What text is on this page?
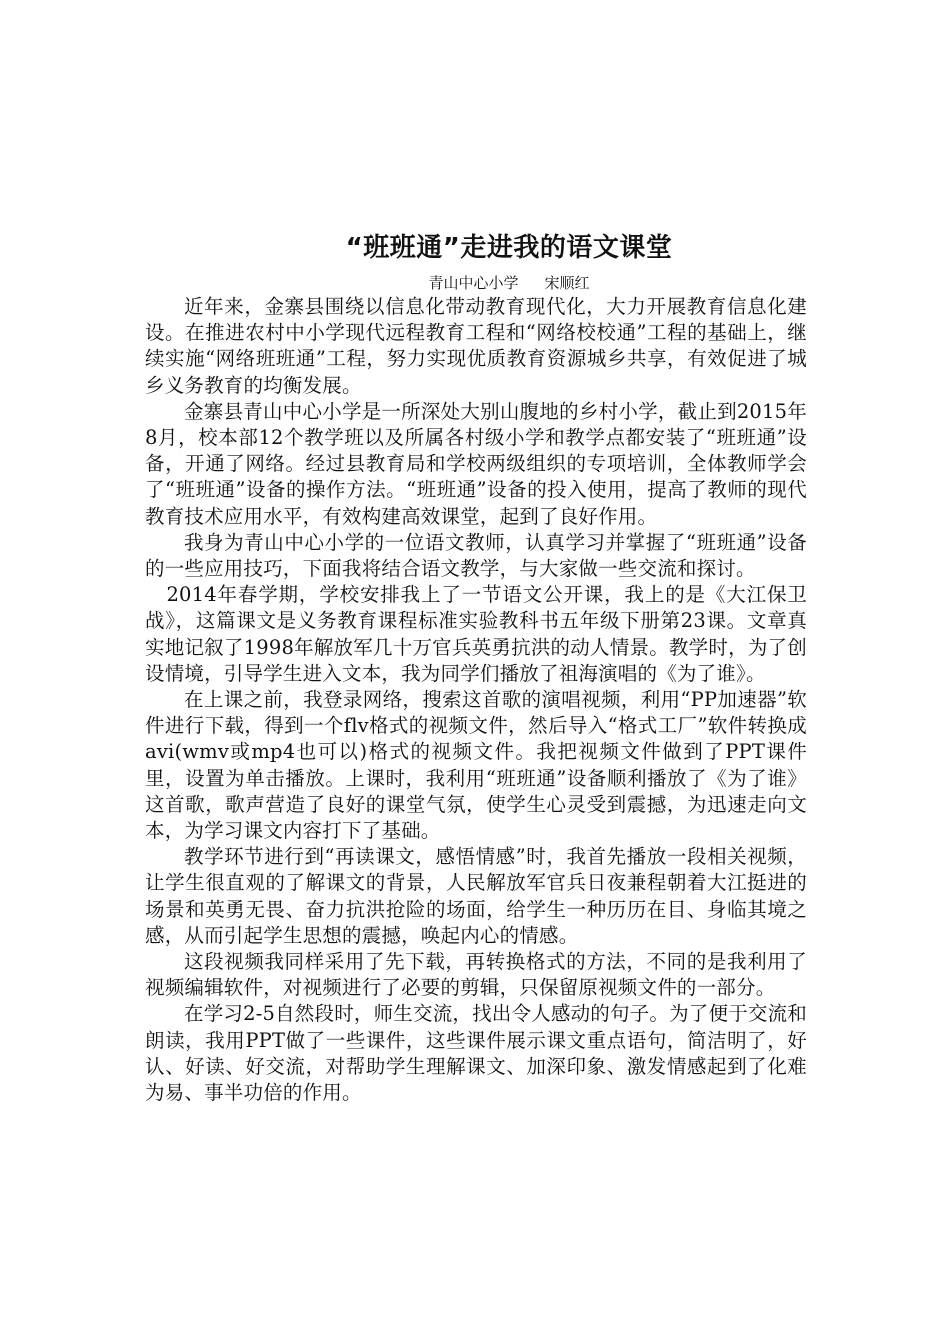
“班班通”走进我的语文课堂
青山中心小学 宋顺红

近年来，金寨县围绕以信息化带动教育现代化，大力开展教育信息化建设。在推进农村中小学现代远程教育工程和“网络校校通”工程的基础上，继续实施“网络班班通”工程，努力实现优质教育资源城乡共享，有效促进了城乡义务教育的均衡发展。

金寨县青山中心小学是一所深处大别山腹地的乡村小学，截止到2015年8月，校本部12个教学班以及所属各村级小学和教学点都安装了“班班通”设备，开通了网络。经过县教育局和学校两级组织的专项培训，全体教师学会了“班班通”设备的操作方法。“班班通”设备的投入使用，提高了教师的现代教育技术应用水平，有效构建高效课堂，起到了良好作用。

我身为青山中心小学的一位语文教师，认真学习并掌握了“班班通”设备的一些应用技巧，下面我将结合语文教学，与大家做一些交流和探讨。

2014年春学期，学校安排我上了一节语文公开课，我上的是《大江保卫战》，这篇课文是义务教育课程标准实验教科书五年级下册第23课。文章真实地记叙了1998年解放军几十万官兵英勇抗洪的动人情景。教学时，为了创设情境，引导学生进入文本，我为同学们播放了祖海演唱的《为了谁》。

在上课之前，我登录网络，搜索这首歌的演唱视频，利用“PP加速器”软件进行下载，得到一个flv格式的视频文件，然后导入“格式工厂”软件转换成avi(wmv或mp4也可以)格式的视频文件。我把视频文件做到了PPT课件里，设置为单击播放。上课时，我利用“班班通”设备顺利播放了《为了谁》这首歌，歌声营造了良好的课堂气氛，使学生心灵受到震撼，为迅速走向文本，为学习课文内容打下了基础。

教学环节进行到“再读课文，感悟情感”时，我首先播放一段相关视频，让学生很直观的了解课文的背景，人民解放军官兵日夜兼程朝着大江挺进的场景和英勇无畏、奋力抗洪抢险的场面，给学生一种历历在目、身临其境之感，从而引起学生思想的震撼，唤起内心的情感。

这段视频我同样采用了先下载，再转换格式的方法，不同的是我利用了视频编辑软件，对视频进行了必要的剪辑，只保留原视频文件的一部分。

在学习2-5自然段时，师生交流，找出令人感动的句子。为了便于交流和朗读，我用PPT做了一些课件，这些课件展示课文重点语句，简洁明了，好认、好读、好交流，对帮助学生理解课文、加深印象、激发情感起到了化难为易、事半功倍的作用。
